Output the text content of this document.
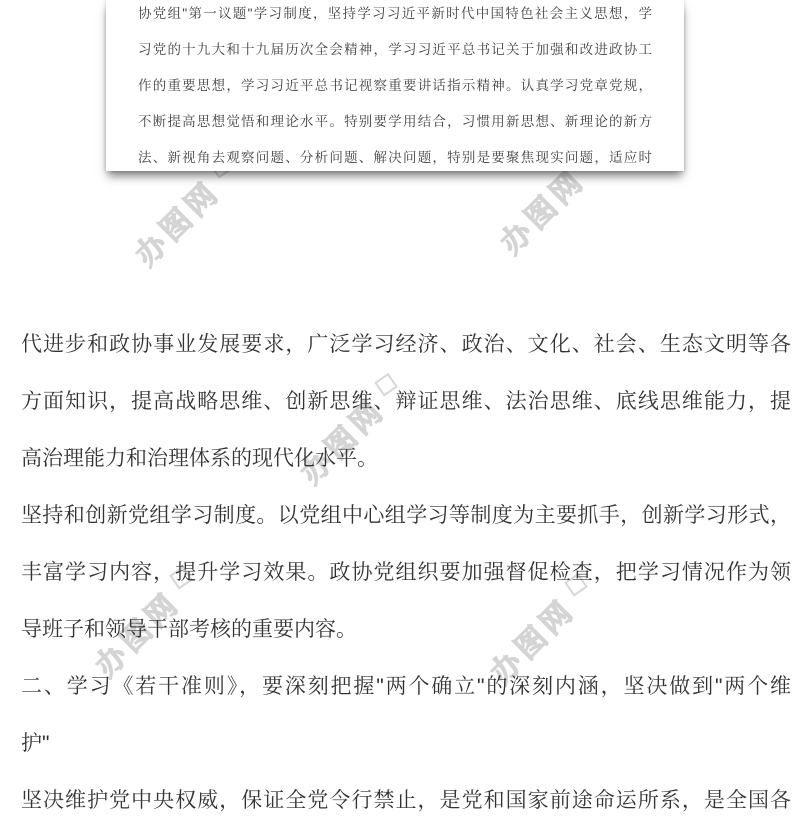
办图网	办图网
办图网
办图网	办图网
协党组"第一议题"学习制度，坚持学习习近平新时代中国特色社会主义思想，学
习党的十九大和十九届历次全会精神，学习习近平总书记关于加强和改进政协工
作的重要思想，学习习近平总书记视察重要讲话指示精神。认真学习党章党规，
不断提高思想觉悟和理论水平。特别要学用结合，习惯用新思想、新理论的新方
法、新视角去观察问题、分析问题、解决问题，特别是要聚焦现实问题，适应时
代进步和政协事业发展要求，广泛学习经济、政治、文化、社会、生态文明等各
方面知识，提高战略思维、创新思维、辩证思维、法治思维、底线思维能力，提
高治理能力和治理体系的现代化水平。
坚持和创新党组学习制度。以党组中心组学习等制度为主要抓手，创新学习形式，
丰富学习内容，提升学习效果。政协党组织要加强督促检查，把学习情况作为领
导班子和领导干部考核的重要内容。
二、学习《若干准则》，要深刻把握"两个确立"的深刻内涵，坚决做到"两个维
护"
坚决维护党中央权威，保证全党令行禁止，是党和国家前途命运所系，是全国各
